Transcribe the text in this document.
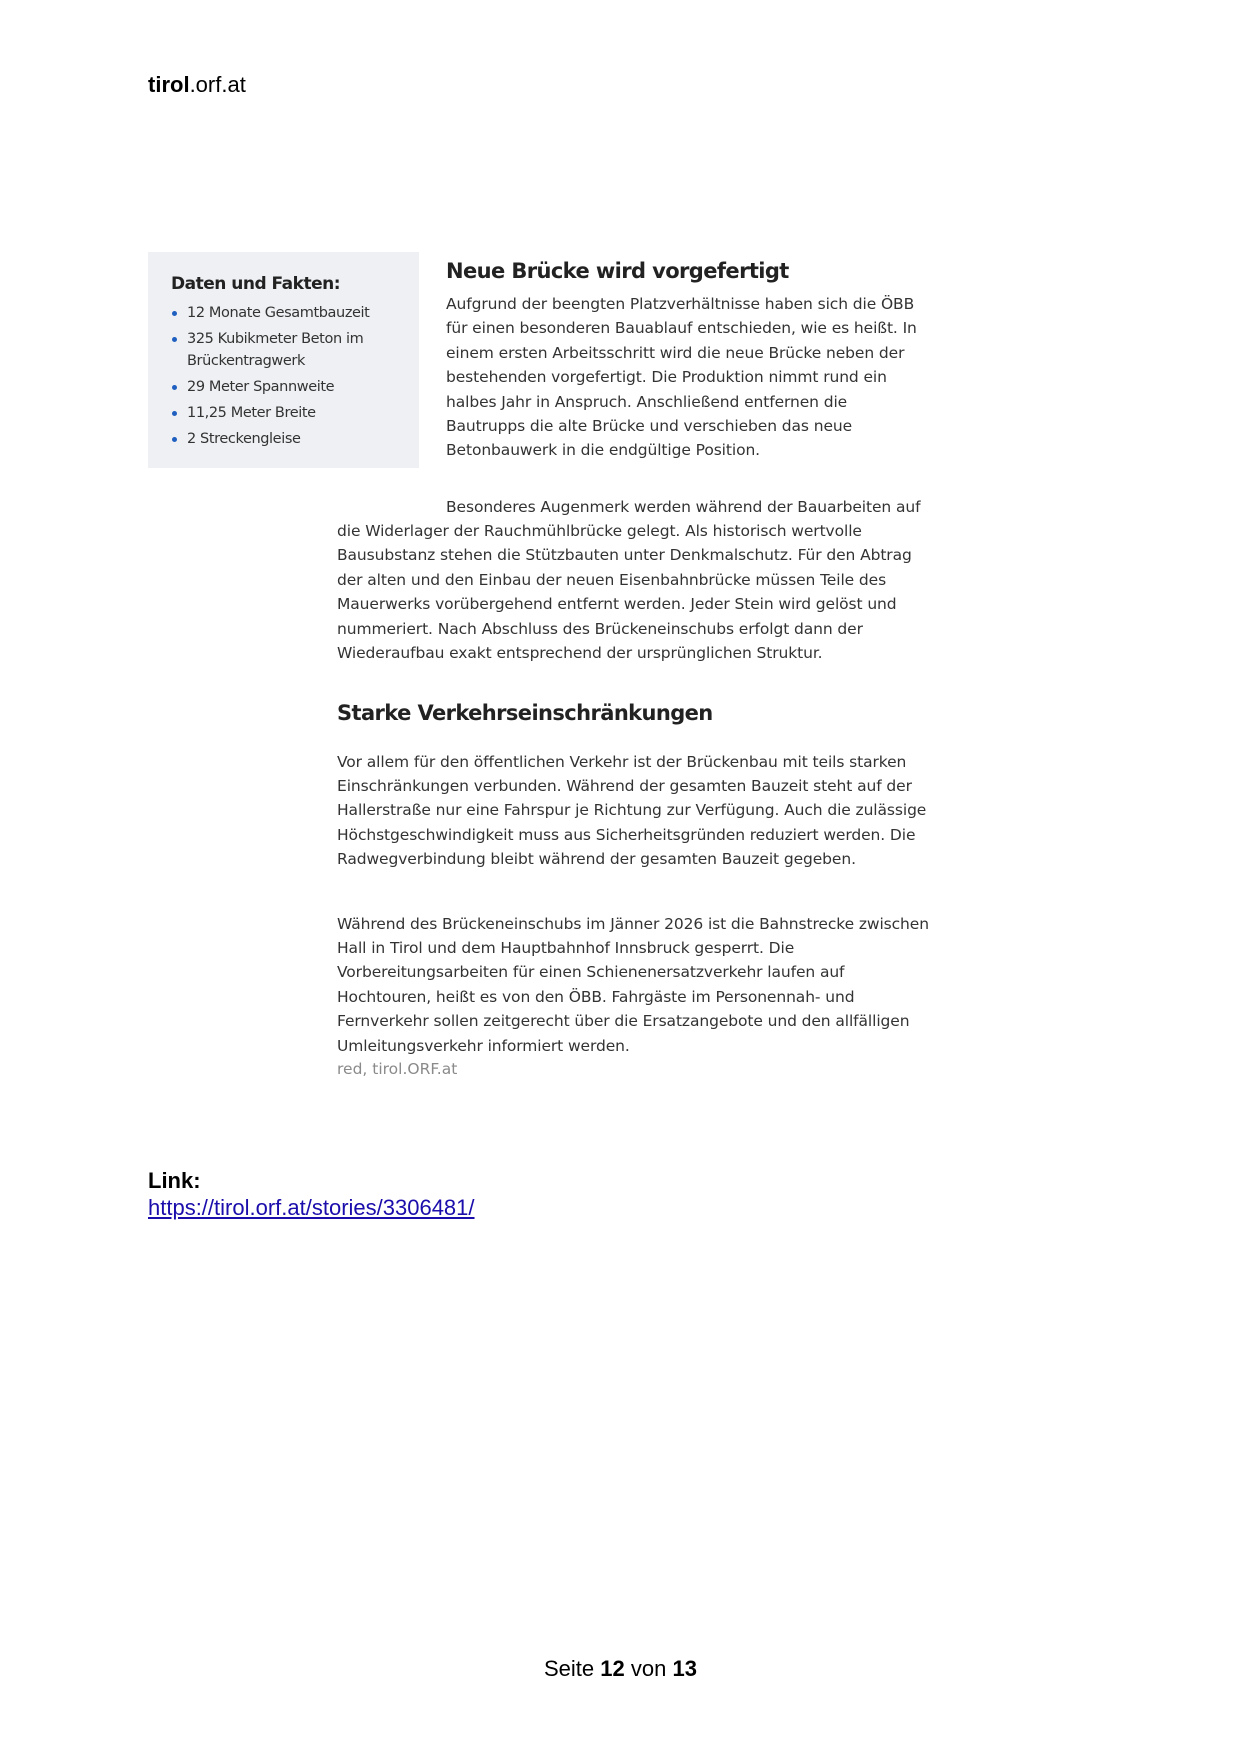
tirol.orf.at
Daten und Fakten:
12 Monate Gesamtbauzeit
325 Kubikmeter Beton im Brückentragwerk
29 Meter Spannweite
11,25 Meter Breite
2 Streckengleise
Neue Brücke wird vorgefertigt

Aufgrund der beengten Platzverhältnisse haben sich die ÖBB für einen besonderen Bauablauf entschieden, wie es heißt. In einem ersten Arbeitsschritt wird die neue Brücke neben der bestehenden vorgefertigt. Die Produktion nimmt rund ein halbes Jahr in Anspruch. Anschließend entfernen die Bautrupps die alte Brücke und verschieben das neue Betonbauwerk in die endgültige Position.

Besonderes Augenmerk werden während der Bauarbeiten auf die Widerlager der Rauchmühlbrücke gelegt. Als historisch wertvolle Bausubstanz stehen die Stützbauten unter Denkmalschutz. Für den Abtrag der alten und den Einbau der neuen Eisenbahnbrücke müssen Teile des Mauerwerks vorübergehend entfernt werden. Jeder Stein wird gelöst und nummeriert. Nach Abschluss des Brückeneinschubs erfolgt dann der Wiederaufbau exakt entsprechend der ursprünglichen Struktur.

Starke Verkehrseinschränkungen

Vor allem für den öffentlichen Verkehr ist der Brückenbau mit teils starken Einschränkungen verbunden. Während der gesamten Bauzeit steht auf der Hallerstraße nur eine Fahrspur je Richtung zur Verfügung. Auch die zulässige Höchstgeschwindigkeit muss aus Sicherheitsgründen reduziert werden. Die Radwegverbindung bleibt während der gesamten Bauzeit gegeben.

Während des Brückeneinschubs im Jänner 2026 ist die Bahnstrecke zwischen Hall in Tirol und dem Hauptbahnhof Innsbruck gesperrt. Die Vorbereitungsarbeiten für einen Schienenersatzverkehr laufen auf Hochtouren, heißt es von den ÖBB. Fahrgäste im Personennah- und Fernverkehr sollen zeitgerecht über die Ersatzangebote und den allfälligen Umleitungsverkehr informiert werden.

red, tirol.ORF.at
Link:
https://tirol.orf.at/stories/3306481/
Seite 12 von 13
